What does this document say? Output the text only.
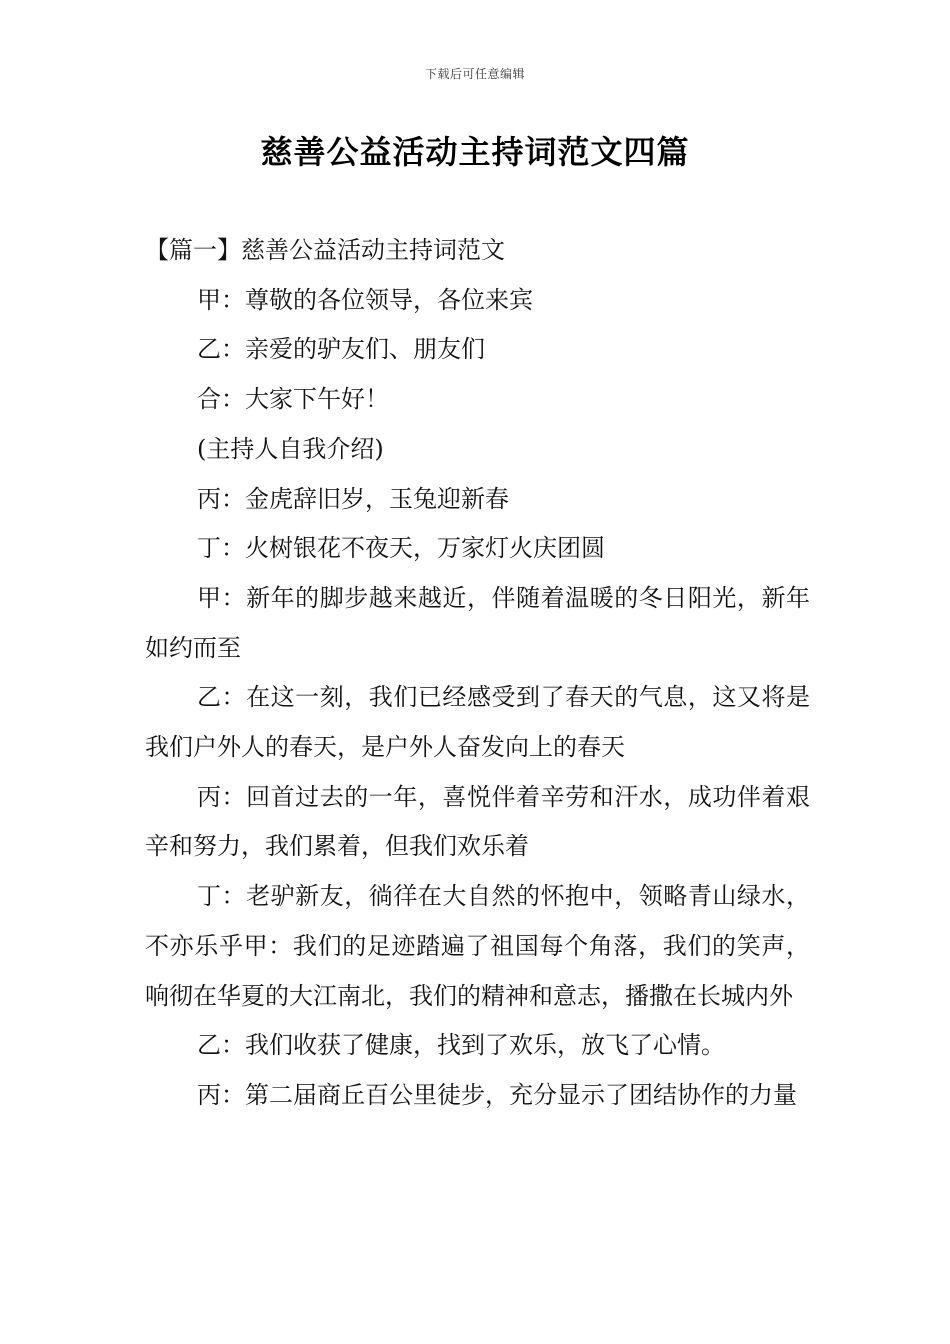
下载后可任意编辑
慈善公益活动主持词范文四篇

【篇一】慈善公益活动主持词范文

甲：尊敬的各位领导，各位来宾

乙：亲爱的驴友们、朋友们

合：大家下午好！

(主持人自我介绍)

丙：金虎辞旧岁，玉兔迎新春

丁：火树银花不夜天，万家灯火庆团圆

甲：新年的脚步越来越近，伴随着温暖的冬日阳光，新年如约而至

乙：在这一刻，我们已经感受到了春天的气息，这又将是我们户外人的春天，是户外人奋发向上的春天

丙：回首过去的一年，喜悦伴着辛劳和汗水，成功伴着艰辛和努力，我们累着，但我们欢乐着

丁：老驴新友，徜徉在大自然的怀抱中，领略青山绿水，不亦乐乎甲：我们的足迹踏遍了祖国每个角落，我们的笑声，响彻在华夏的大江南北，我们的精神和意志，播撒在长城内外

乙：我们收获了健康，找到了欢乐，放飞了心情。

丙：第二届商丘百公里徒步，充分显示了团结协作的力量
